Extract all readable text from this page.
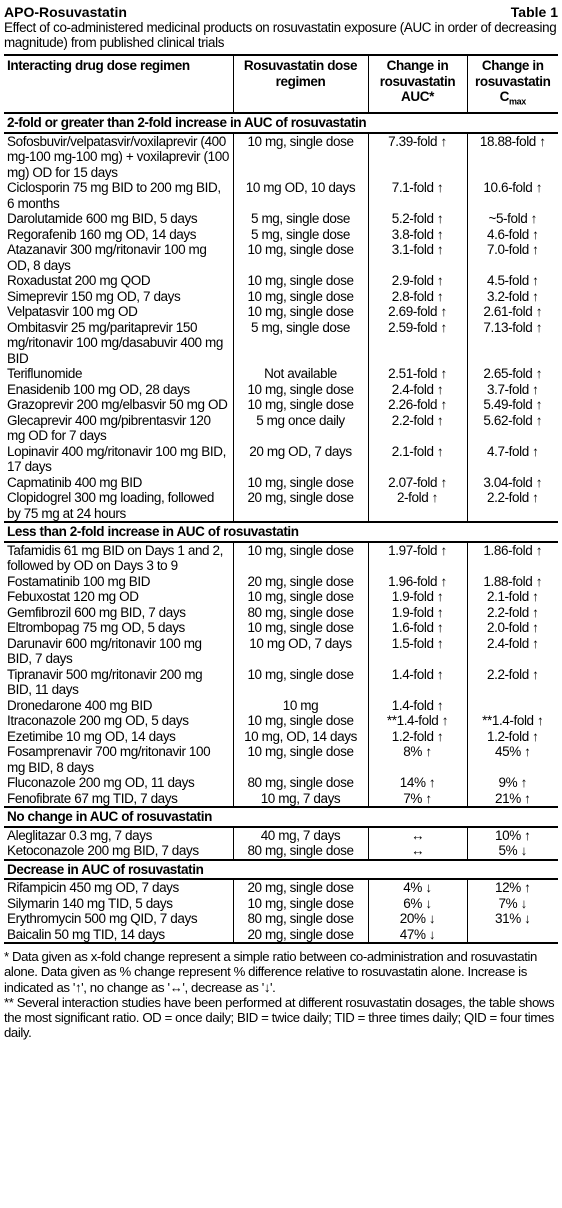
APO-Rosuvastatin	Table 1
Effect of co-administered medicinal products on rosuvastatin exposure (AUC in order of decreasing magnitude) from published clinical trials
Interacting drug dose regimen	Rosuvastatin dose regimen	Change in rosuvastatin AUC*	Change in rosuvastatin $C_{max}$
2-fold or greater than 2-fold increase in AUC of rosuvastatin			
Sofosbuvir/velpatasvir/voxilaprevir (400 mg-100 mg-100 mg) + voxilaprevir (100 mg) OD for 15 days	10 mg, single dose	7.39-fold ↑	18.88-fold ↑
Ciclosporin 75 mg BID to 200 mg BID, 6 months	10 mg OD, 10 days	7.1-fold ↑	10.6-fold ↑
Darolutamide 600 mg BID, 5 days	5 mg, single dose	5.2-fold ↑	~5-fold ↑
Regorafenib 160 mg OD, 14 days	5 mg, single dose	3.8-fold ↑	4.6-fold ↑
Atazanavir 300 mg/ritonavir 100 mg OD, 8 days	10 mg, single dose	3.1-fold ↑	7.0-fold ↑
Roxadustat 200 mg QOD	10 mg, single dose	2.9-fold ↑	4.5-fold ↑
Simeprevir 150 mg OD, 7 days	10 mg, single dose	2.8-fold ↑	3.2-fold ↑
Velpatasvir 100 mg OD	10 mg, single dose	2.69-fold ↑	2.61-fold ↑
Ombitasvir 25 mg/paritaprevir 150 mg/ritonavir 100 mg/dasabuvir 400 mg BID	5 mg, single dose	2.59-fold ↑	7.13-fold ↑
Teriflunomide	Not available	2.51-fold ↑	2.65-fold ↑
Enasidenib 100 mg OD, 28 days	10 mg, single dose	2.4-fold ↑	3.7-fold ↑
Grazoprevir 200 mg/elbasvir 50 mg OD	10 mg, single dose	2.26-fold ↑	5.49-fold ↑
Glecaprevir 400 mg/pibrentasvir 120 mg OD for 7 days	5 mg once daily	2.2-fold ↑	5.62-fold ↑
Lopinavir 400 mg/ritonavir 100 mg BID, 17 days	20 mg OD, 7 days	2.1-fold ↑	4.7-fold ↑
Capmatinib 400 mg BID	10 mg, single dose	2.07-fold ↑	3.04-fold ↑
Clopidogrel 300 mg loading, followed by 75 mg at 24 hours	20 mg, single dose	2-fold ↑	2.2-fold ↑
Less than 2-fold increase in AUC of rosuvastatin			
Tafamidis 61 mg BID on Days 1 and 2, followed by OD on Days 3 to 9	10 mg, single dose	1.97-fold ↑	1.86-fold ↑
Fostamatinib 100 mg BID	20 mg, single dose	1.96-fold ↑	1.88-fold ↑
Febuxostat 120 mg OD	10 mg, single dose	1.9-fold ↑	2.1-fold ↑
Gemfibrozil 600 mg BID, 7 days	80 mg, single dose	1.9-fold ↑	2.2-fold ↑
Eltrombopag 75 mg OD, 5 days	10 mg, single dose	1.6-fold ↑	2.0-fold ↑
Darunavir 600 mg/ritonavir 100 mg BID, 7 days	10 mg OD, 7 days	1.5-fold ↑	2.4-fold ↑
Tipranavir 500 mg/ritonavir 200 mg BID, 11 days	10 mg, single dose	1.4-fold ↑	2.2-fold ↑
Dronedarone 400 mg BID	10 mg	1.4-fold ↑	
Itraconazole 200 mg OD, 5 days	10 mg, single dose	**1.4-fold ↑	**1.4-fold ↑
Ezetimibe 10 mg OD, 14 days	10 mg, OD, 14 days	1.2-fold ↑	1.2-fold ↑
Fosamprenavir 700 mg/ritonavir 100 mg BID, 8 days	10 mg, single dose	8% ↑	45% ↑
Fluconazole 200 mg OD, 11 days	80 mg, single dose	14% ↑	9% ↑
Fenofibrate 67 mg TID, 7 days	10 mg, 7 days	7% ↑	21% ↑
No change in AUC of rosuvastatin			
Aleglitazar 0.3 mg, 7 days	40 mg, 7 days	↔	10% ↑
Ketoconazole 200 mg BID, 7 days	80 mg, single dose	↔	5% ↓
Decrease in AUC of rosuvastatin			
Rifampicin 450 mg OD, 7 days	20 mg, single dose	4% ↓	12% ↑
Silymarin 140 mg TID, 5 days	10 mg, single dose	6% ↓	7% ↓
Erythromycin 500 mg QID, 7 days	80 mg, single dose	20% ↓	31% ↓
Baicalin 50 mg TID, 14 days	20 mg, single dose	47% ↓	
* Data given as x-fold change represent a simple ratio between co-administration and rosuvastatin alone. Data given as % change represent % difference relative to rosuvastatin alone. Increase is indicated as '↑', no change as '↔', decrease as '↓'.
** Several interaction studies have been performed at different rosuvastatin dosages, the table shows the most significant ratio. OD = once daily; BID = twice daily; TID = three times daily; QID = four times daily.
